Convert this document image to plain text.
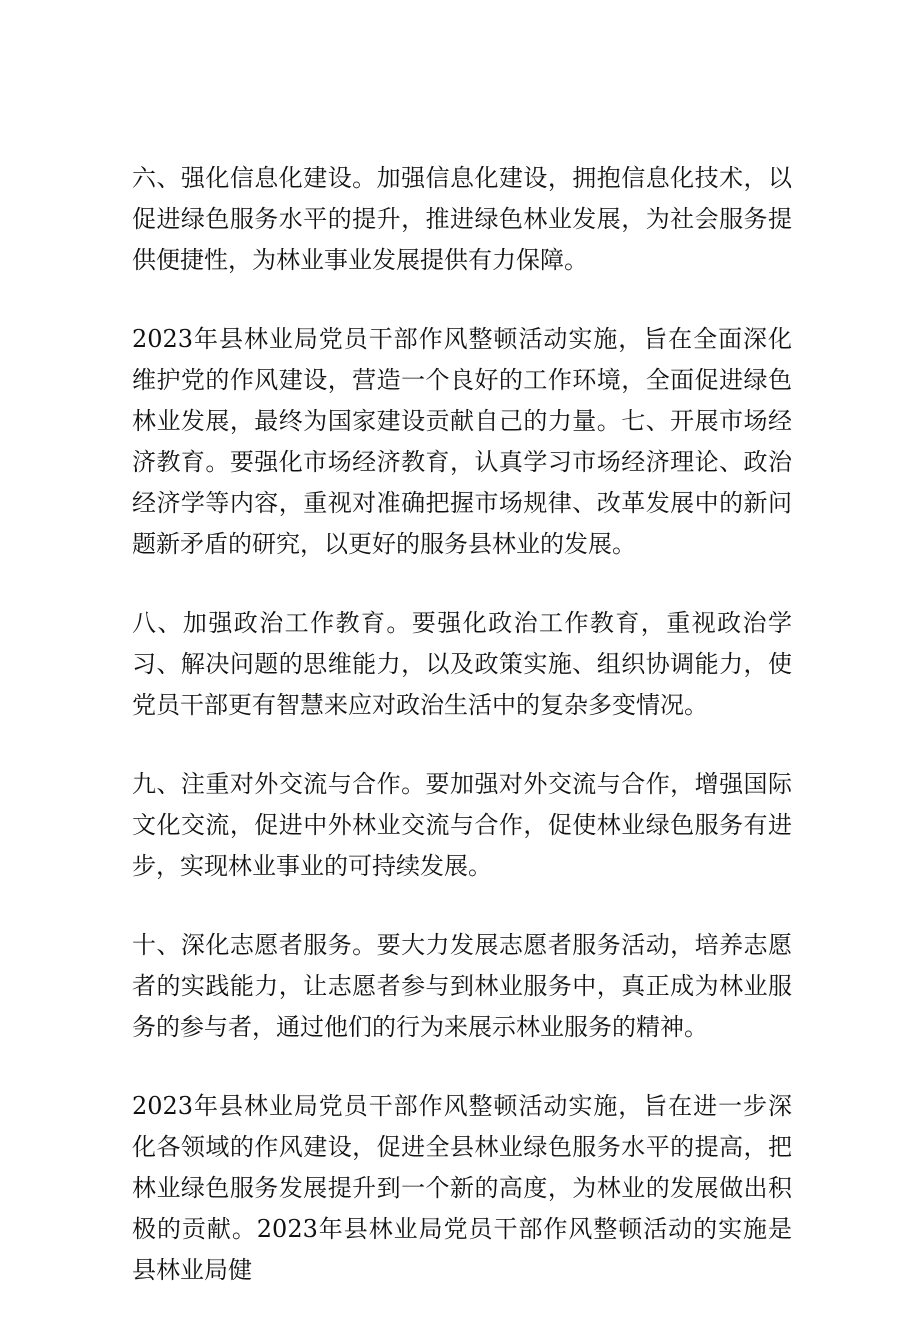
六、强化信息化建设。加强信息化建设，拥抱信息化技术，以促进绿色服务水平的提升，推进绿色林业发展，为社会服务提供便捷性，为林业事业发展提供有力保障。

2023年县林业局党员干部作风整顿活动实施，旨在全面深化维护党的作风建设，营造一个良好的工作环境，全面促进绿色林业发展，最终为国家建设贡献自己的力量。七、开展市场经济教育。要强化市场经济教育，认真学习市场经济理论、政治经济学等内容，重视对准确把握市场规律、改革发展中的新问题新矛盾的研究，以更好的服务县林业的发展。

八、加强政治工作教育。要强化政治工作教育，重视政治学习、解决问题的思维能力，以及政策实施、组织协调能力，使党员干部更有智慧来应对政治生活中的复杂多变情况。

九、注重对外交流与合作。要加强对外交流与合作，增强国际文化交流，促进中外林业交流与合作，促使林业绿色服务有进步，实现林业事业的可持续发展。

十、深化志愿者服务。要大力发展志愿者服务活动，培养志愿者的实践能力，让志愿者参与到林业服务中，真正成为林业服务的参与者，通过他们的行为来展示林业服务的精神。

2023年县林业局党员干部作风整顿活动实施，旨在进一步深化各领域的作风建设，促进全县林业绿色服务水平的提高，把林业绿色服务发展提升到一个新的高度，为林业的发展做出积极的贡献。2023年县林业局党员干部作风整顿活动的实施是县林业局健
